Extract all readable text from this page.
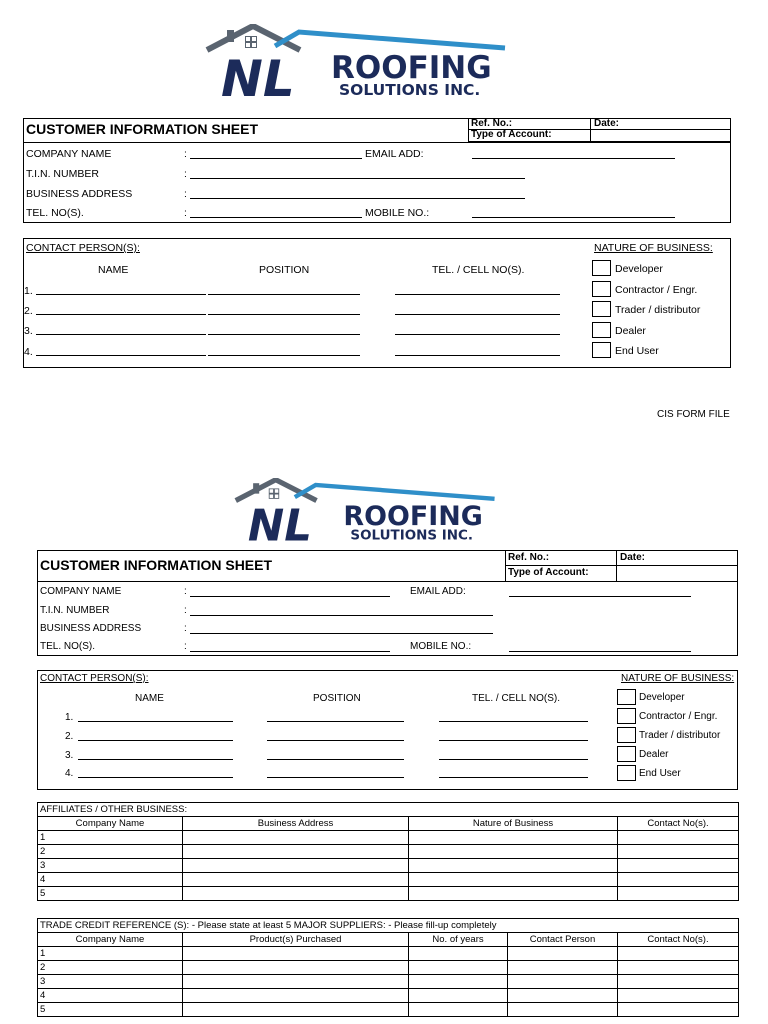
NL ROOFING
SOLUTIONS INC.
CUSTOMER INFORMATION SHEET	Ref. No.:
Type of Account:
Date:
COMPANY NAME	:	EMAIL ADD:
T.I.N. NUMBER	:
BUSINESS ADDRESS	:
TEL. NO(S).	:	MOBILE NO.:
CONTACT PERSON(S):	NATURE OF BUSINESS:
NAME	POSITION	TEL. / CELL NO(S).
1.
2.
3.
4.
Developer
Contractor / Engr.
Trader / distributor
Dealer
End User
CIS FORM FILE
NL ROOFING
SOLUTIONS INC.
CUSTOMER INFORMATION SHEET	Ref. No.:
Type of Account:
Date:
COMPANY NAME	:	EMAIL ADD:
T.I.N. NUMBER	:
BUSINESS ADDRESS	:
TEL. NO(S).	:	MOBILE NO.:
CONTACT PERSON(S):	NATURE OF BUSINESS:
NAME	POSITION	TEL. / CELL NO(S).
1.
2.
3.
4.
Developer
Contractor / Engr.
Trader / distributor
Dealer
End User
AFFILIATES / OTHER BUSINESS:			
Company Name	Business Address	Nature of Business	Contact No(s).
1			
2			
3			
4			
5			
TRADE CREDIT REFERENCE (S): - Please state at least 5 MAJOR SUPPLIERS: - Please fill-up completely				
Company Name	Product(s) Purchased	No. of years	Contact Person	Contact No(s).
1				
2				
3				
4				
5				
